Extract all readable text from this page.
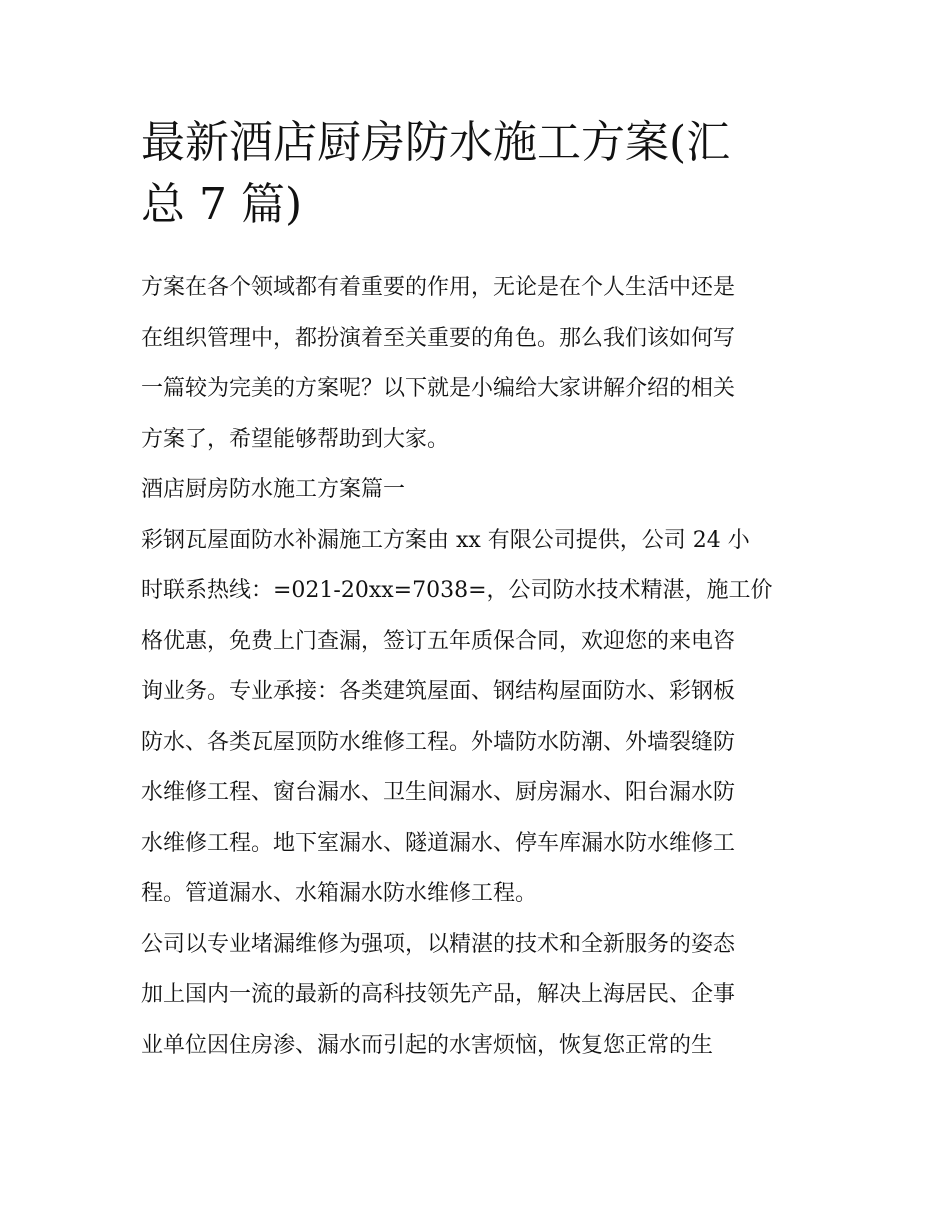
最新酒店厨房防水施工方案(汇
总 7 篇)

方案在各个领域都有着重要的作用，无论是在个人生活中还是
在组织管理中，都扮演着至关重要的角色。那么我们该如何写
一篇较为完美的方案呢？以下就是小编给大家讲解介绍的相关
方案了，希望能够帮助到大家。

酒店厨房防水施工方案篇一

彩钢瓦屋面防水补漏施工方案由 xx 有限公司提供，公司 24 小
时联系热线：=021-20xx=7038=，公司防水技术精湛，施工价
格优惠，免费上门查漏，签订五年质保合同，欢迎您的来电咨
询业务。专业承接：各类建筑屋面、钢结构屋面防水、彩钢板
防水、各类瓦屋顶防水维修工程。外墙防水防潮、外墙裂缝防
水维修工程、窗台漏水、卫生间漏水、厨房漏水、阳台漏水防
水维修工程。地下室漏水、隧道漏水、停车库漏水防水维修工
程。管道漏水、水箱漏水防水维修工程。

公司以专业堵漏维修为强项，以精湛的技术和全新服务的姿态
加上国内一流的最新的高科技领先产品，解决上海居民、企事
业单位因住房渗、漏水而引起的水害烦恼，恢复您正常的生
